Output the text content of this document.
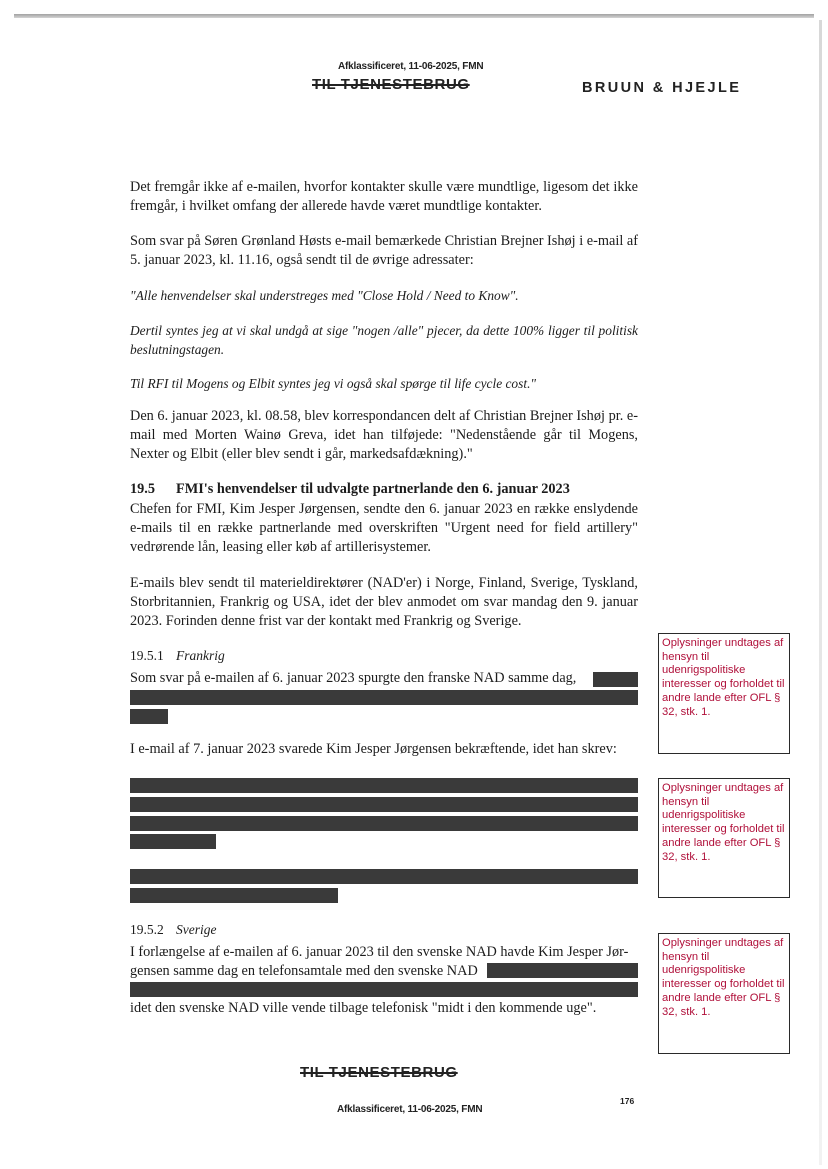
Afklassificeret, 11-06-2025, FMN
TIL TJENESTEBRUG	BRUUN & HJEJLE
Det fremgår ikke af e-mailen, hvorfor kontakter skulle være mundtlige, ligesom det ikke fremgår, i hvilket omfang der allerede havde været mundtlige kontakter.
Som svar på Søren Grønland Høsts e-mail bemærkede Christian Brejner Ishøj i e-mail af 5. januar 2023, kl. 11.16, også sendt til de øvrige adressater:
"Alle henvendelser skal understreges med "Close Hold / Need to Know".
Dertil syntes jeg at vi skal undgå at sige "nogen /alle" pjecer, da dette 100% ligger til politisk beslutningstagen.
Til RFI til Mogens og Elbit syntes jeg vi også skal spørge til life cycle cost."
Den 6. januar 2023, kl. 08.58, blev korrespondancen delt af Christian Brejner Ishøj pr. e-mail med Morten Wainø Greva, idet han tilføjede: "Nedenstående går til Mogens, Nexter og Elbit (eller blev sendt i går, markedsafdækning)."
19.5 FMI's henvendelser til udvalgte partnerlande den 6. januar 2023
Chefen for FMI, Kim Jesper Jørgensen, sendte den 6. januar 2023 en række enslydende e-mails til en række partnerlande med overskriften "Urgent need for field artillery" vedrørende lån, leasing eller køb af artillerisystemer.
E-mails blev sendt til materieldirektører (NAD'er) i Norge, Finland, Sverige, Tyskland, Storbritannien, Frankrig og USA, idet der blev anmodet om svar mandag den 9. januar 2023. Forinden denne frist var der kontakt med Frankrig og Sverige.
19.5.1 Frankrig
Som svar på e-mailen af 6. januar 2023 spurgte den franske NAD samme dag,
I e-mail af 7. januar 2023 svarede Kim Jesper Jørgensen bekræftende, idet han skrev:
19.5.2 Sverige
I forlængelse af e-mailen af 6. januar 2023 til den svenske NAD havde Kim Jesper Jør-
gensen samme dag en telefonsamtale med den svenske NAD
idet den svenske NAD ville vende tilbage telefonisk "midt i den kommende uge".
Oplysninger undtages af hensyn til udenrigspolitiske interesser og forholdet til andre lande efter OFL § 32, stk. 1.
Oplysninger undtages af hensyn til udenrigspolitiske interesser og forholdet til andre lande efter OFL § 32, stk. 1.
Oplysninger undtages af hensyn til udenrigspolitiske interesser og forholdet til andre lande efter OFL § 32, stk. 1.
TIL TJENESTEBRUG
176
Afklassificeret, 11-06-2025, FMN
